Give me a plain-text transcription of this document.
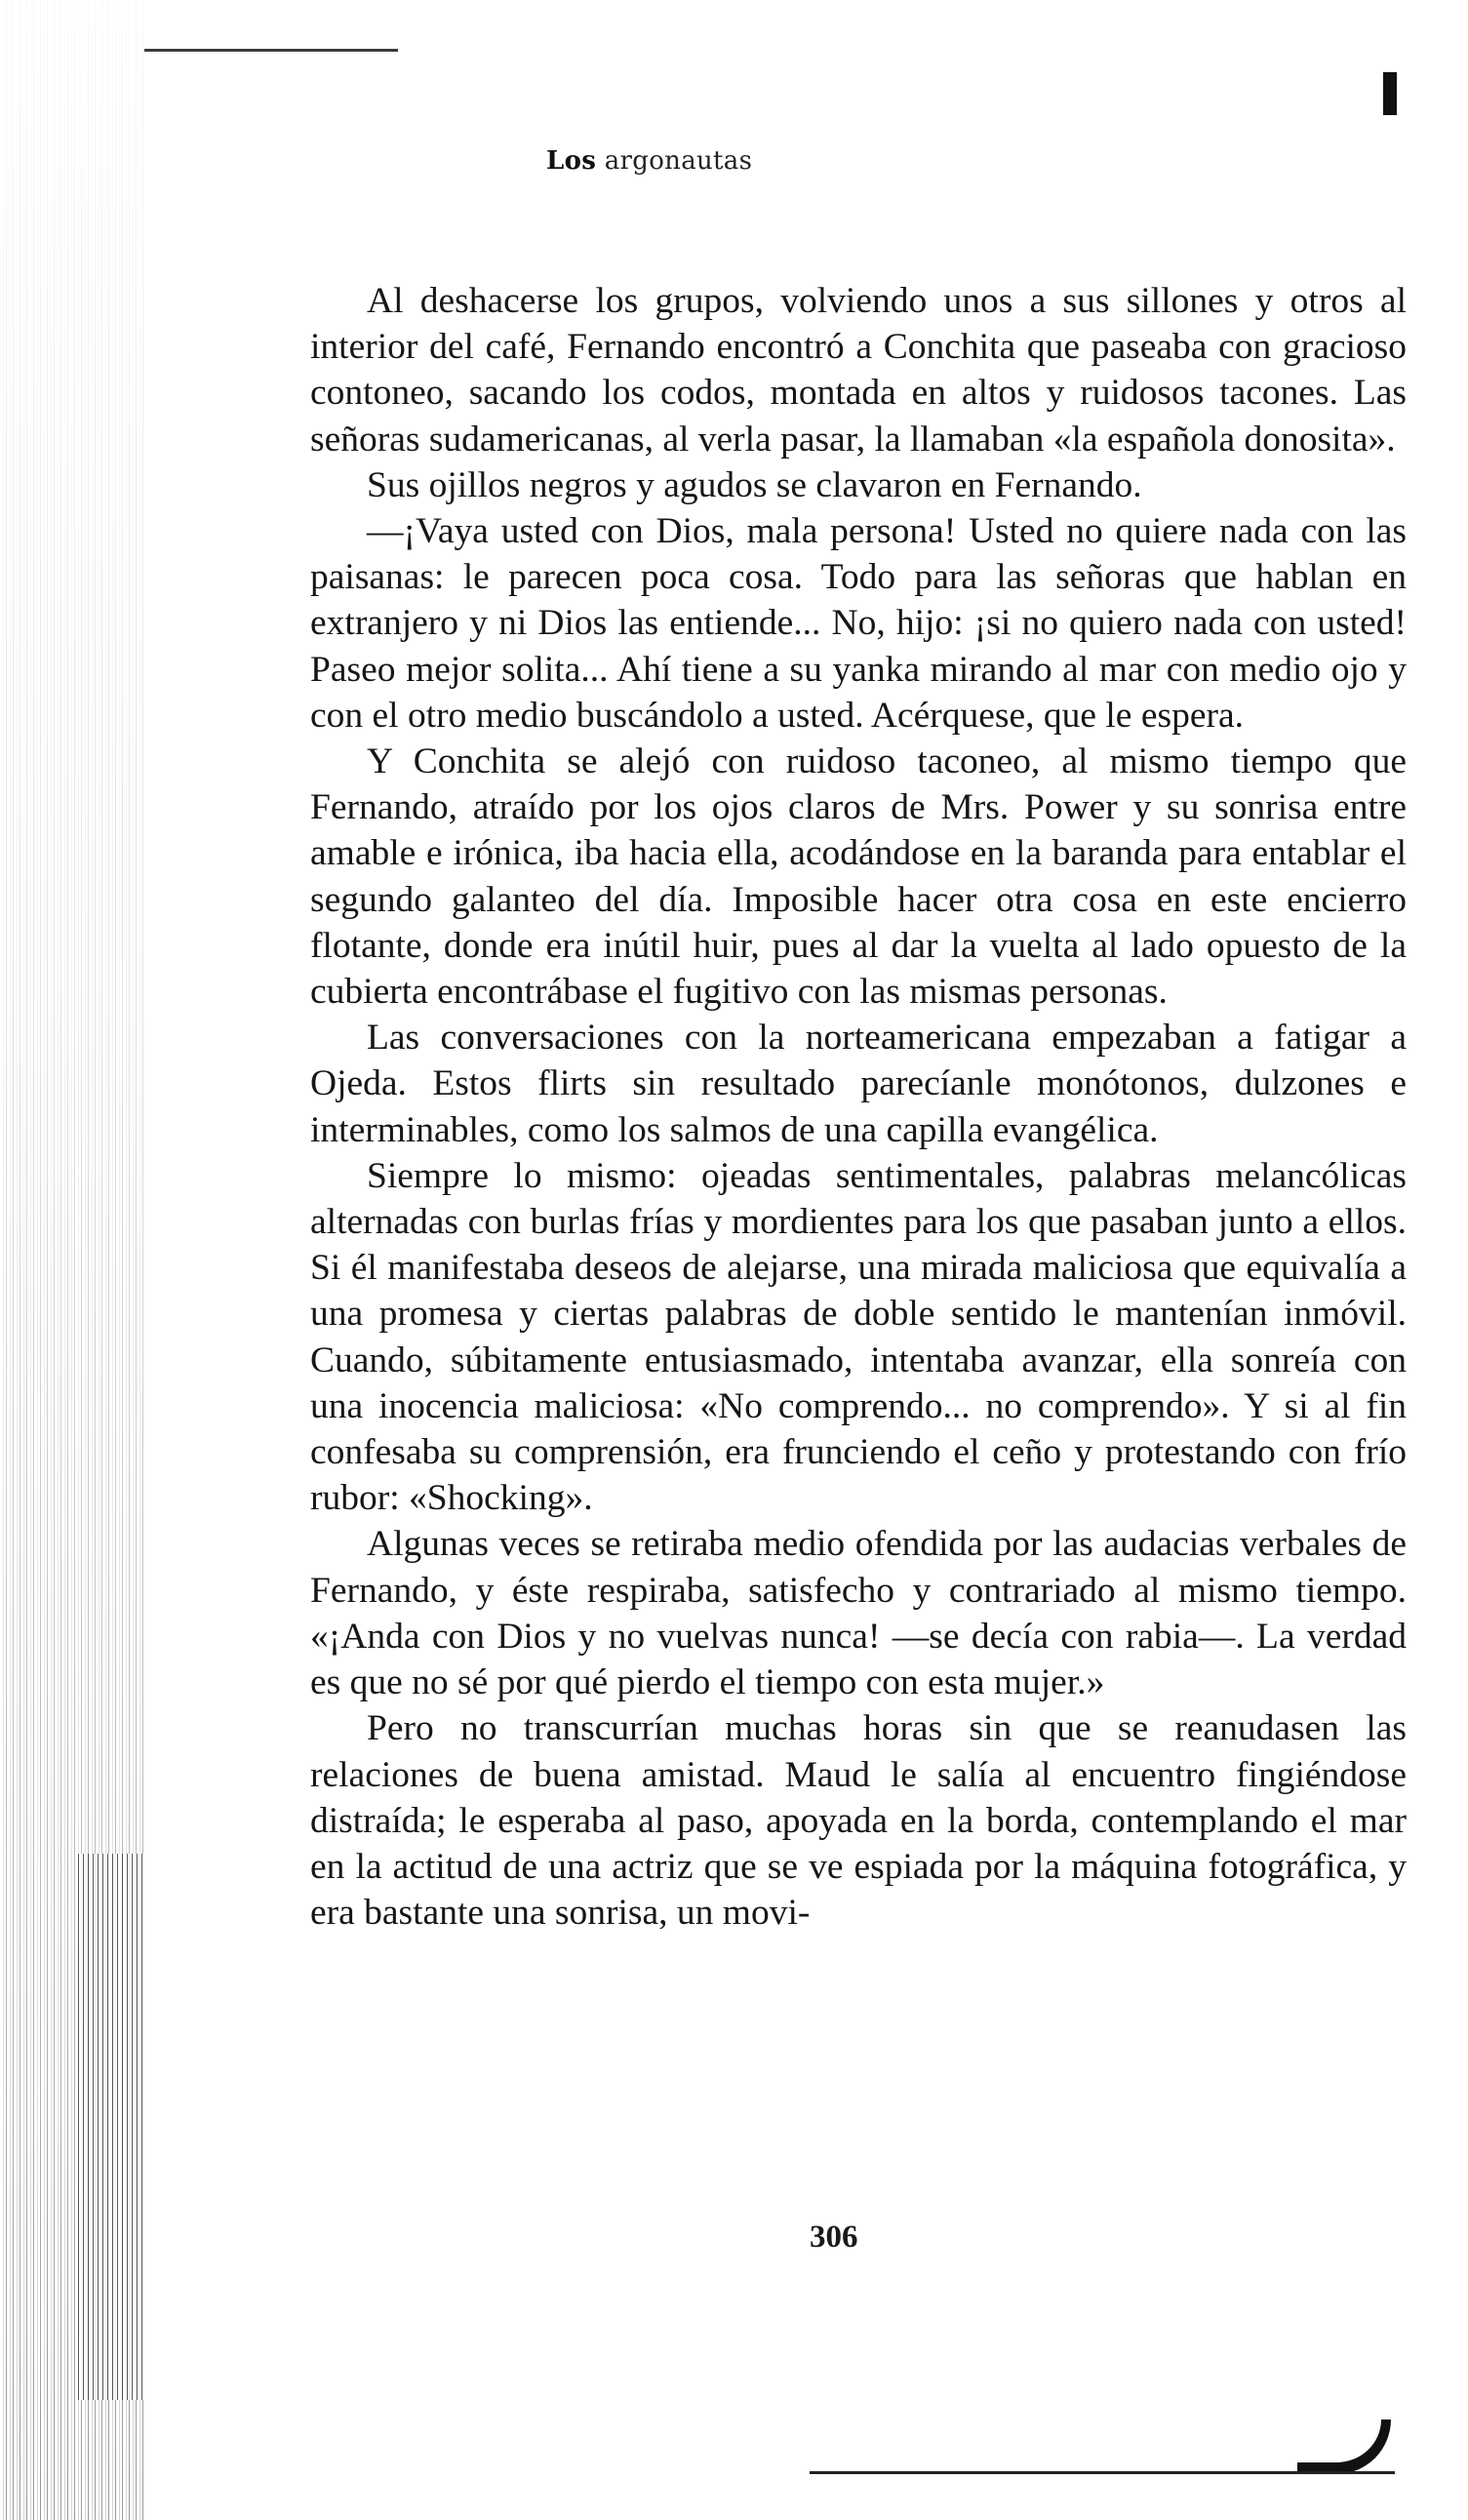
Los argonautas

Al deshacerse los grupos, volviendo unos a sus sillones y otros al interior del café, Fernando encontró a Conchita que paseaba con gracioso contoneo, sacando los codos, montada en altos y ruidosos tacones. Las señoras sudamericanas, al verla pasar, la llamaban «la española donosita».

Sus ojillos negros y agudos se clavaron en Fernando.

—¡Vaya usted con Dios, mala persona! Usted no quiere nada con las paisanas: le parecen poca cosa. Todo para las señoras que hablan en extranjero y ni Dios las entiende... No, hijo: ¡si no quiero nada con usted! Paseo mejor solita... Ahí tiene a su yanka mirando al mar con medio ojo y con el otro medio buscándolo a usted. Acérquese, que le espera.

Y Conchita se alejó con ruidoso taconeo, al mismo tiempo que Fernando, atraído por los ojos claros de Mrs. Power y su sonrisa entre amable e irónica, iba hacia ella, acodándose en la baranda para entablar el segundo galanteo del día. Imposible hacer otra cosa en este encierro flotante, donde era inútil huir, pues al dar la vuelta al lado opuesto de la cubierta encontrábase el fugitivo con las mismas personas.

Las conversaciones con la norteamericana empezaban a fatigar a Ojeda. Estos flirts sin resultado parecíanle monótonos, dulzones e interminables, como los salmos de una capilla evangélica.

Siempre lo mismo: ojeadas sentimentales, palabras melancólicas alternadas con burlas frías y mordientes para los que pasaban junto a ellos. Si él manifestaba deseos de alejarse, una mirada maliciosa que equivalía a una promesa y ciertas palabras de doble sentido le mantenían inmóvil. Cuando, súbitamente entusiasmado, intentaba avanzar, ella sonreía con una inocencia maliciosa: «No comprendo... no comprendo». Y si al fin confesaba su comprensión, era frunciendo el ceño y protestando con frío rubor: «Shocking».

Algunas veces se retiraba medio ofendida por las audacias verbales de Fernando, y éste respiraba, satisfecho y contrariado al mismo tiempo. «¡Anda con Dios y no vuelvas nunca! —se decía con rabia—. La verdad es que no sé por qué pierdo el tiempo con esta mujer.»

Pero no transcurrían muchas horas sin que se reanudasen las relaciones de buena amistad. Maud le salía al encuentro fingiéndose distraída; le esperaba al paso, apoyada en la borda, contemplando el mar en la actitud de una actriz que se ve espiada por la máquina fotográfica, y era bastante una sonrisa, un movi-

306
